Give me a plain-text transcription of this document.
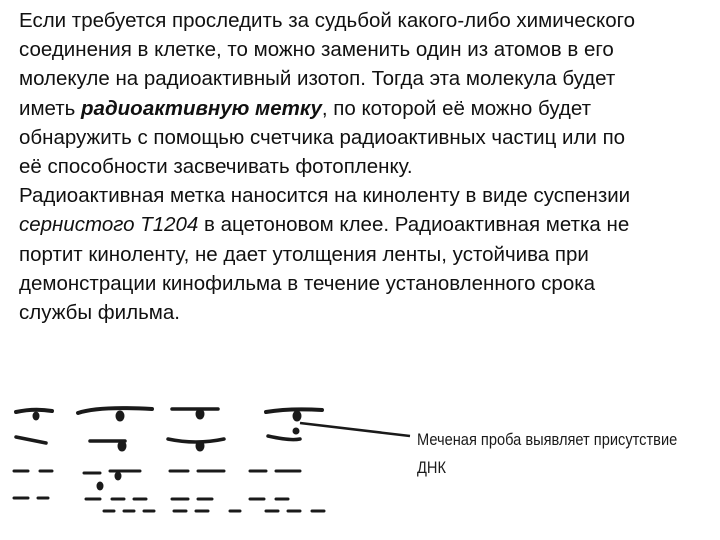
Если требуется проследить за судьбой какого-либо химического
соединения в клетке, то можно заменить один из атомов в его
молекуле на радиоактивный изотоп. Тогда эта молекула будет
иметь радиоактивную метку, по которой её можно будет
обнаружить с помощью счетчика радиоактивных частиц или по
её способности засвечивать фотопленку.
Радиоактивная метка наносится на киноленту в виде суспензии
сернистого Т1204 в ацетоновом клее. Радиоактивная метка не
портит киноленту, не дает утолщения ленты, устойчива при
демонстрации кинофильма в течение установленного срока
службы фильма.
Меченая проба выявляет присутствие
ДНК
